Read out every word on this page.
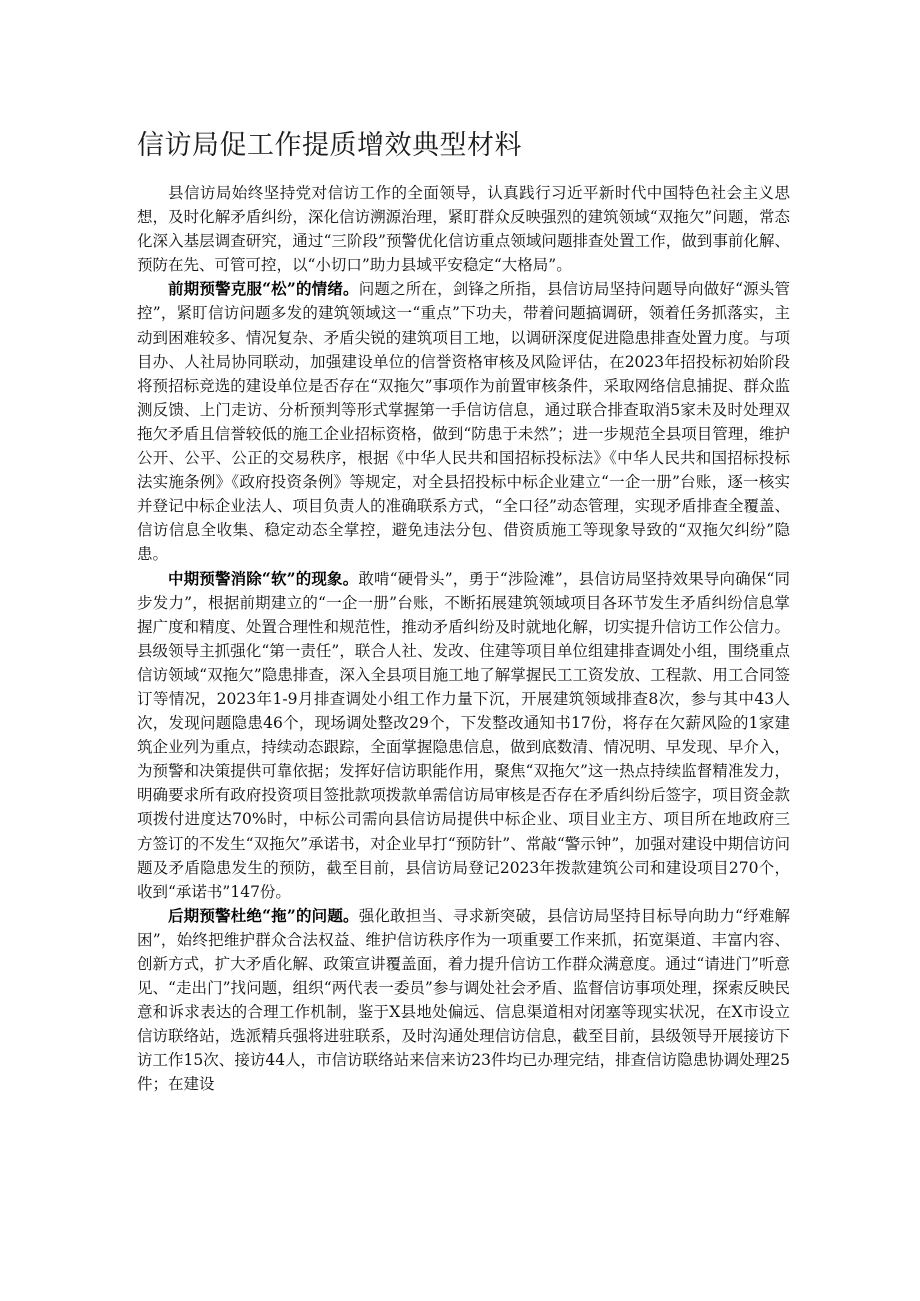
信访局促工作提质增效典型材料

县信访局始终坚持党对信访工作的全面领导，认真践行习近平新时代中国特色社会主义思想，及时化解矛盾纠纷，深化信访溯源治理，紧盯群众反映强烈的建筑领域“双拖欠”问题，常态化深入基层调查研究，通过“三阶段”预警优化信访重点领域问题排查处置工作，做到事前化解、预防在先、可管可控，以“小切口”助力县域平安稳定“大格局”。

前期预警克服“松”的情绪。问题之所在，剑锋之所指，县信访局坚持问题导向做好“源头管控”，紧盯信访问题多发的建筑领域这一“重点”下功夫，带着问题搞调研，领着任务抓落实，主动到困难较多、情况复杂、矛盾尖锐的建筑项目工地，以调研深度促进隐患排查处置力度。与项目办、人社局协同联动，加强建设单位的信誉资格审核及风险评估，在2023年招投标初始阶段将预招标竞选的建设单位是否存在“双拖欠”事项作为前置审核条件，采取网络信息捕捉、群众监测反馈、上门走访、分析预判等形式掌握第一手信访信息，通过联合排查取消5家未及时处理双拖欠矛盾且信誉较低的施工企业招标资格，做到“防患于未然”；进一步规范全县项目管理，维护公开、公平、公正的交易秩序，根据《中华人民共和国招标投标法》《中华人民共和国招标投标法实施条例》《政府投资条例》等规定，对全县招投标中标企业建立“一企一册”台账，逐一核实并登记中标企业法人、项目负责人的准确联系方式，“全口径”动态管理，实现矛盾排查全覆盖、信访信息全收集、稳定动态全掌控，避免违法分包、借资质施工等现象导致的“双拖欠纠纷”隐患。

中期预警消除“软”的现象。敢啃“硬骨头”，勇于“涉险滩”，县信访局坚持效果导向确保“同步发力”，根据前期建立的“一企一册”台账，不断拓展建筑领域项目各环节发生矛盾纠纷信息掌握广度和精度、处置合理性和规范性，推动矛盾纠纷及时就地化解，切实提升信访工作公信力。县级领导主抓强化“第一责任”，联合人社、发改、住建等项目单位组建排查调处小组，围绕重点信访领域“双拖欠”隐患排查，深入全县项目施工地了解掌握民工工资发放、工程款、用工合同签订等情况，2023年1-9月排查调处小组工作力量下沉，开展建筑领域排查8次，参与其中43人次，发现问题隐患46个，现场调处整改29个，下发整改通知书17份，将存在欠薪风险的1家建筑企业列为重点，持续动态跟踪，全面掌握隐患信息，做到底数清、情况明、早发现、早介入，为预警和决策提供可靠依据；发挥好信访职能作用，聚焦“双拖欠”这一热点持续监督精准发力，明确要求所有政府投资项目签批款项拨款单需信访局审核是否存在矛盾纠纷后签字，项目资金款项拨付进度达70%时，中标公司需向县信访局提供中标企业、项目业主方、项目所在地政府三方签订的不发生“双拖欠”承诺书，对企业早打“预防针”、常敲“警示钟”，加强对建设中期信访问题及矛盾隐患发生的预防，截至目前，县信访局登记2023年拨款建筑公司和建设项目270个，收到“承诺书”147份。

后期预警杜绝“拖”的问题。强化敢担当、寻求新突破，县信访局坚持目标导向助力“纾难解困”，始终把维护群众合法权益、维护信访秩序作为一项重要工作来抓，拓宽渠道、丰富内容、创新方式，扩大矛盾化解、政策宣讲覆盖面，着力提升信访工作群众满意度。通过“请进门”听意见、“走出门”找问题，组织“两代表一委员”参与调处社会矛盾、监督信访事项处理，探索反映民意和诉求表达的合理工作机制，鉴于X县地处偏远、信息渠道相对闭塞等现实状况，在X市设立信访联络站，选派精兵强将进驻联系，及时沟通处理信访信息，截至目前，县级领导开展接访下访工作15次、接访44人，市信访联络站来信来访23件均已办理完结，排查信访隐患协调处理25件；在建设
